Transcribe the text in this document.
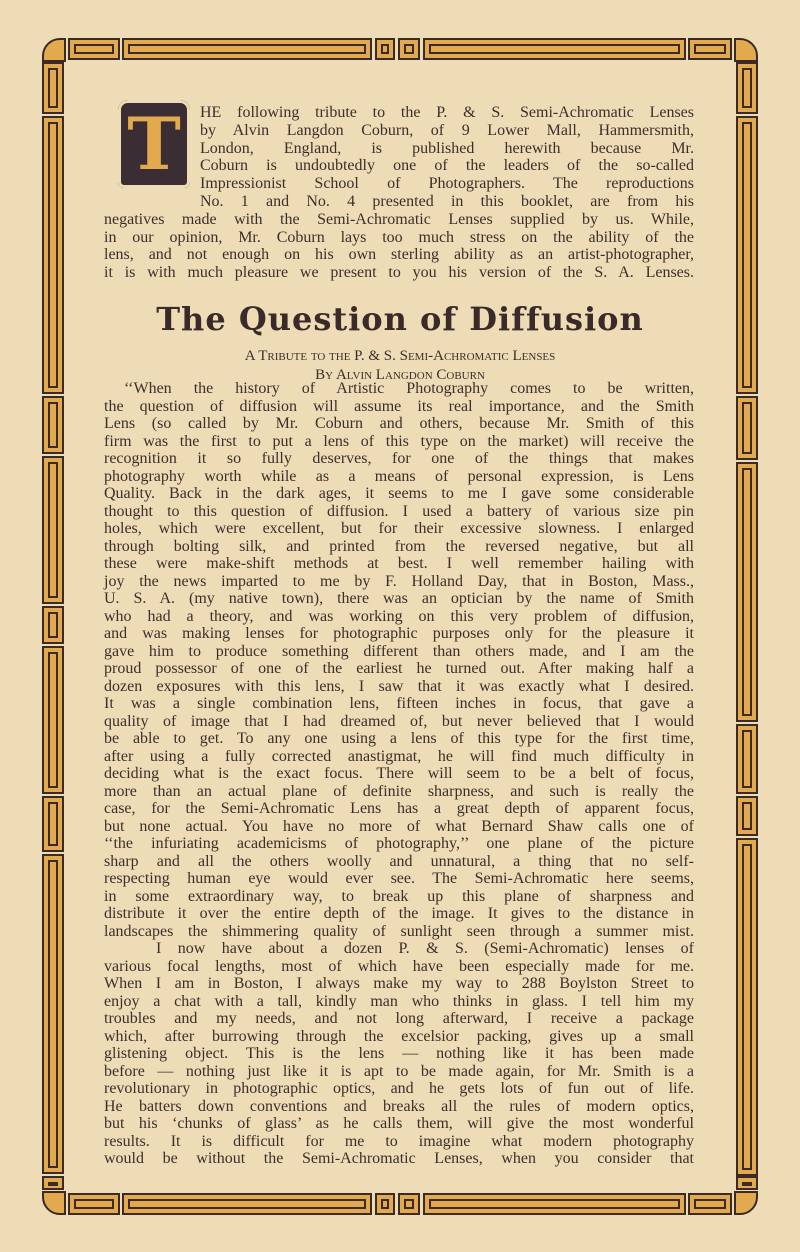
T HE following tribute to the P. & S. Semi-Achromatic Lenses
by Alvin Langdon Coburn, of 9 Lower Mall, Hammersmith,
London, England, is published herewith because Mr.
Coburn is undoubtedly one of the leaders of the so-called
Impressionist School of Photographers. The reproductions
No. 1 and No. 4 presented in this booklet, are from his
negatives made with the Semi-Achromatic Lenses supplied by us. While,
in our opinion, Mr. Coburn lays too much stress on the ability of the
lens, and not enough on his own sterling ability as an artist-photographer,
it is with much pleasure we present to you his version of the S. A. Lenses.
The Question of Diffusion
A Tribute to the P. & S. Semi-Achromatic Lenses
By Alvin Langdon Coburn
‘‘When the history of Artistic Photography comes to be written,
the question of diffusion will assume its real importance, and the Smith
Lens (so called by Mr. Coburn and others, because Mr. Smith of this
firm was the first to put a lens of this type on the market) will receive the
recognition it so fully deserves, for one of the things that makes
photography worth while as a means of personal expression, is Lens
Quality. Back in the dark ages, it seems to me I gave some considerable
thought to this question of diffusion. I used a battery of various size pin
holes, which were excellent, but for their excessive slowness. I enlarged
through bolting silk, and printed from the reversed negative, but all
these were make-shift methods at best. I well remember hailing with
joy the news imparted to me by F. Holland Day, that in Boston, Mass.,
U. S. A. (my native town), there was an optician by the name of Smith
who had a theory, and was working on this very problem of diffusion,
and was making lenses for photographic purposes only for the pleasure it
gave him to produce something different than others made, and I am the
proud possessor of one of the earliest he turned out. After making half a
dozen exposures with this lens, I saw that it was exactly what I desired.
It was a single combination lens, fifteen inches in focus, that gave a
quality of image that I had dreamed of, but never believed that I would
be able to get. To any one using a lens of this type for the first time,
after using a fully corrected anastigmat, he will find much difficulty in
deciding what is the exact focus. There will seem to be a belt of focus,
more than an actual plane of definite sharpness, and such is really the
case, for the Semi-Achromatic Lens has a great depth of apparent focus,
but none actual. You have no more of what Bernard Shaw calls one of
‘‘the infuriating academicisms of photography,’’ one plane of the picture
sharp and all the others woolly and unnatural, a thing that no self-
respecting human eye would ever see. The Semi-Achromatic here seems,
in some extraordinary way, to break up this plane of sharpness and
distribute it over the entire depth of the image. It gives to the distance in
landscapes the shimmering quality of sunlight seen through a summer mist.
I now have about a dozen P. & S. (Semi-Achromatic) lenses of
various focal lengths, most of which have been especially made for me.
When I am in Boston, I always make my way to 288 Boylston Street to
enjoy a chat with a tall, kindly man who thinks in glass. I tell him my
troubles and my needs, and not long afterward, I receive a package
which, after burrowing through the excelsior packing, gives up a small
glistening object. This is the lens — nothing like it has been made
before — nothing just like it is apt to be made again, for Mr. Smith is a
revolutionary in photographic optics, and he gets lots of fun out of life.
He batters down conventions and breaks all the rules of modern optics,
but his ‘chunks of glass’ as he calls them, will give the most wonderful
results. It is difficult for me to imagine what modern photography
would be without the Semi-Achromatic Lenses, when you consider that
